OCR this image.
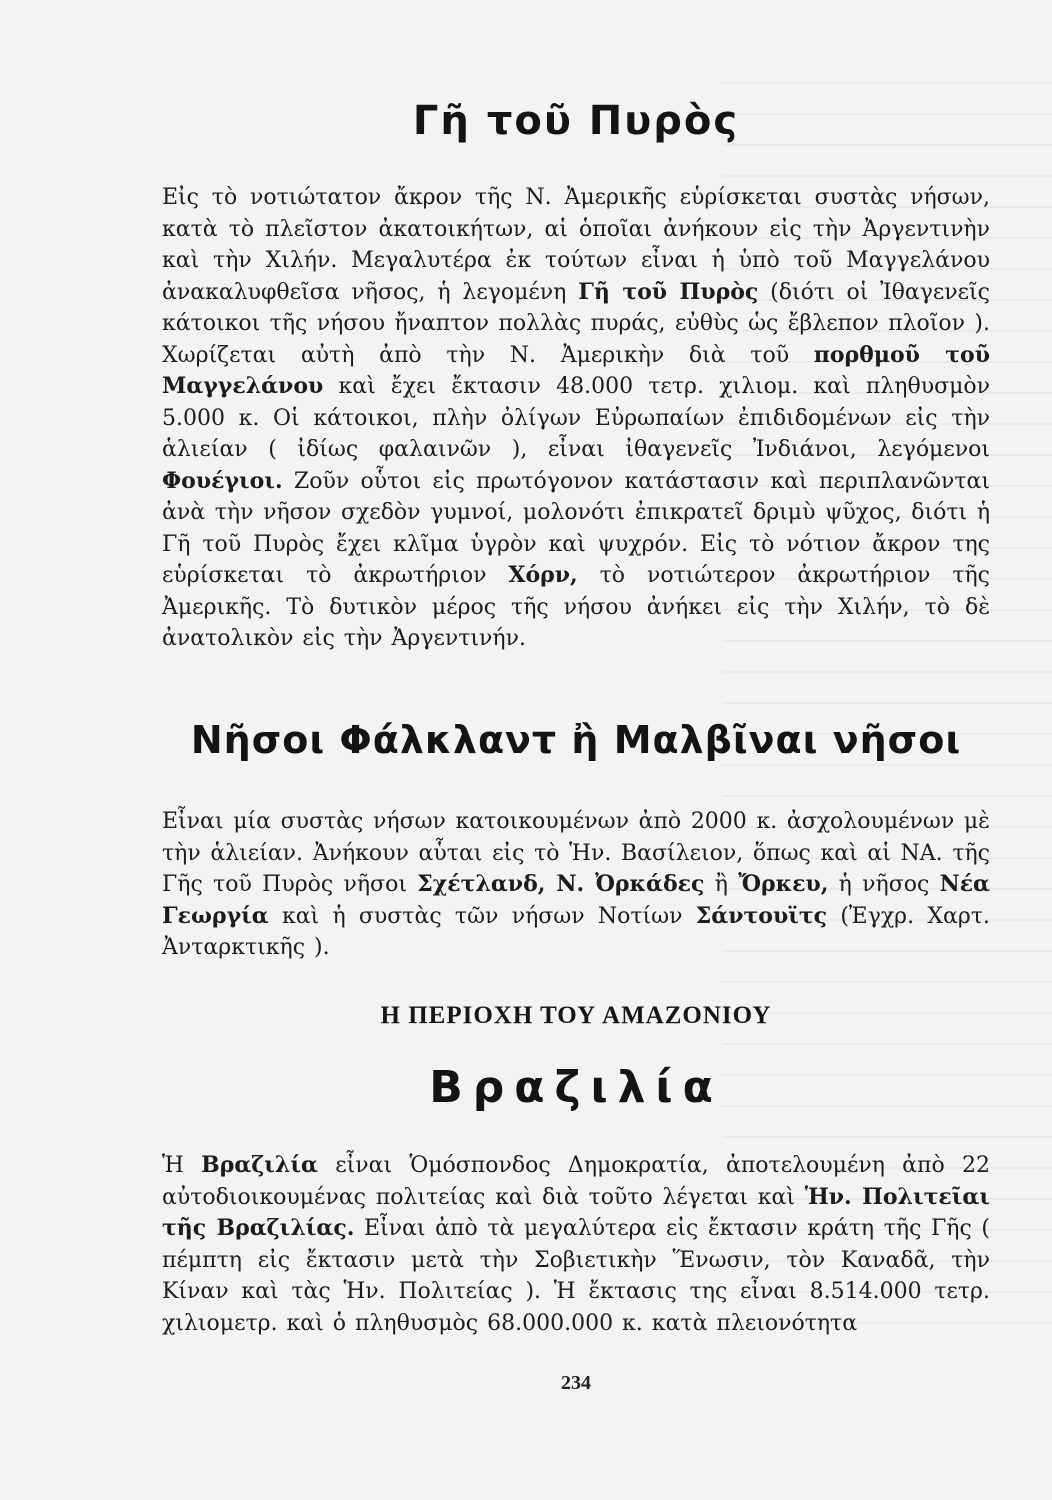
Γῆ τοῦ Πυρὸς

Εἰς τὸ νοτιώτατον ἄκρον τῆς Ν. Ἀμερικῆς εὑρίσκεται συστὰς νήσων, κατὰ τὸ πλεῖστον ἀκατοικήτων, αἱ ὁποῖαι ἀνήκουν εἰς τὴν Ἀργεντινὴν καὶ τὴν Χιλήν. Μεγαλυτέρα ἐκ τούτων εἶναι ἡ ὑπὸ τοῦ Μαγγελάνου ἀνακαλυφθεῖσα νῆσος, ἡ λεγομένη Γῆ τοῦ Πυρὸς (διότι οἱ Ἰθαγενεῖς κάτοικοι τῆς νήσου ἤναπτον πολλὰς πυράς, εὐθὺς ὡς ἔβλεπον πλοῖον ). Χωρίζεται αὐτὴ ἀπὸ τὴν Ν. Ἀμερικὴν διὰ τοῦ πορθμοῦ τοῦ Μαγγελάνου καὶ ἔχει ἔκτασιν 48.000 τετρ. χιλιομ. καὶ πληθυσμὸν 5.000 κ. Οἱ κάτοικοι, πλὴν ὀλίγων Εὐρωπαίων ἐπιδιδομένων εἰς τὴν ἁλιείαν ( ἰδίως φαλαινῶν ), εἶναι ἰθαγενεῖς Ἰνδιάνοι, λεγόμενοι Φουέγιοι. Ζοῦν οὗτοι εἰς πρωτόγονον κατάστασιν καὶ περιπλανῶνται ἀνὰ τὴν νῆσον σχεδὸν γυμνοί, μολονότι ἐπικρατεῖ δριμὺ ψῦχος, διότι ἡ Γῆ τοῦ Πυρὸς ἔχει κλῖμα ὑγρὸν καὶ ψυχρόν. Εἰς τὸ νότιον ἄκρον της εὑρίσκεται τὸ ἀκρωτήριον Χόρν, τὸ νοτιώτερον ἀκρωτήριον τῆς Ἀμερικῆς. Τὸ δυτικὸν μέρος τῆς νήσου ἀνήκει εἰς τὴν Χιλήν, τὸ δὲ ἀνατολικὸν εἰς τὴν Ἀργεντινήν.

Νῆσοι Φάλκλαντ ἢ Μαλβῖναι νῆσοι

Εἶναι μία συστὰς νήσων κατοικουμένων ἀπὸ 2000 κ. ἀσχολουμένων μὲ τὴν ἁλιείαν. Ἀνήκουν αὗται εἰς τὸ Ἡν. Βασίλειον, ὅπως καὶ αἱ ΝΑ. τῆς Γῆς τοῦ Πυρὸς νῆσοι Σχέτλανδ, Ν. Ὀρκάδες ἢ Ὄρκευ, ἡ νῆσος Νέα Γεωργία καὶ ἡ συστὰς τῶν νήσων Νοτίων Σάντουϊτς (Ἐγχρ. Χαρτ. Ἀνταρκτικῆς ).

Η ΠΕΡΙΟΧΗ ΤΟΥ ΑΜΑΖΟΝΙΟΥ
Βραζιλία

Ἡ Βραζιλία εἶναι Ὁμόσπονδος Δημοκρατία, ἀποτελουμένη ἀπὸ 22 αὐτοδιοικουμένας πολιτείας καὶ διὰ τοῦτο λέγεται καὶ Ἡν. Πολιτεῖαι τῆς Βραζιλίας. Εἶναι ἀπὸ τὰ μεγαλύτερα εἰς ἔκτασιν κράτη τῆς Γῆς ( πέμπτη εἰς ἔκτασιν μετὰ τὴν Σοβιετικὴν Ἕνωσιν, τὸν Καναδᾶ, τὴν Κίναν καὶ τὰς Ἡν. Πολιτείας ). Ἡ ἔκτασις της εἶναι 8.514.000 τετρ. χιλιομετρ. καὶ ὁ πληθυσμὸς 68.000.000 κ. κατὰ πλειονότητα

234
